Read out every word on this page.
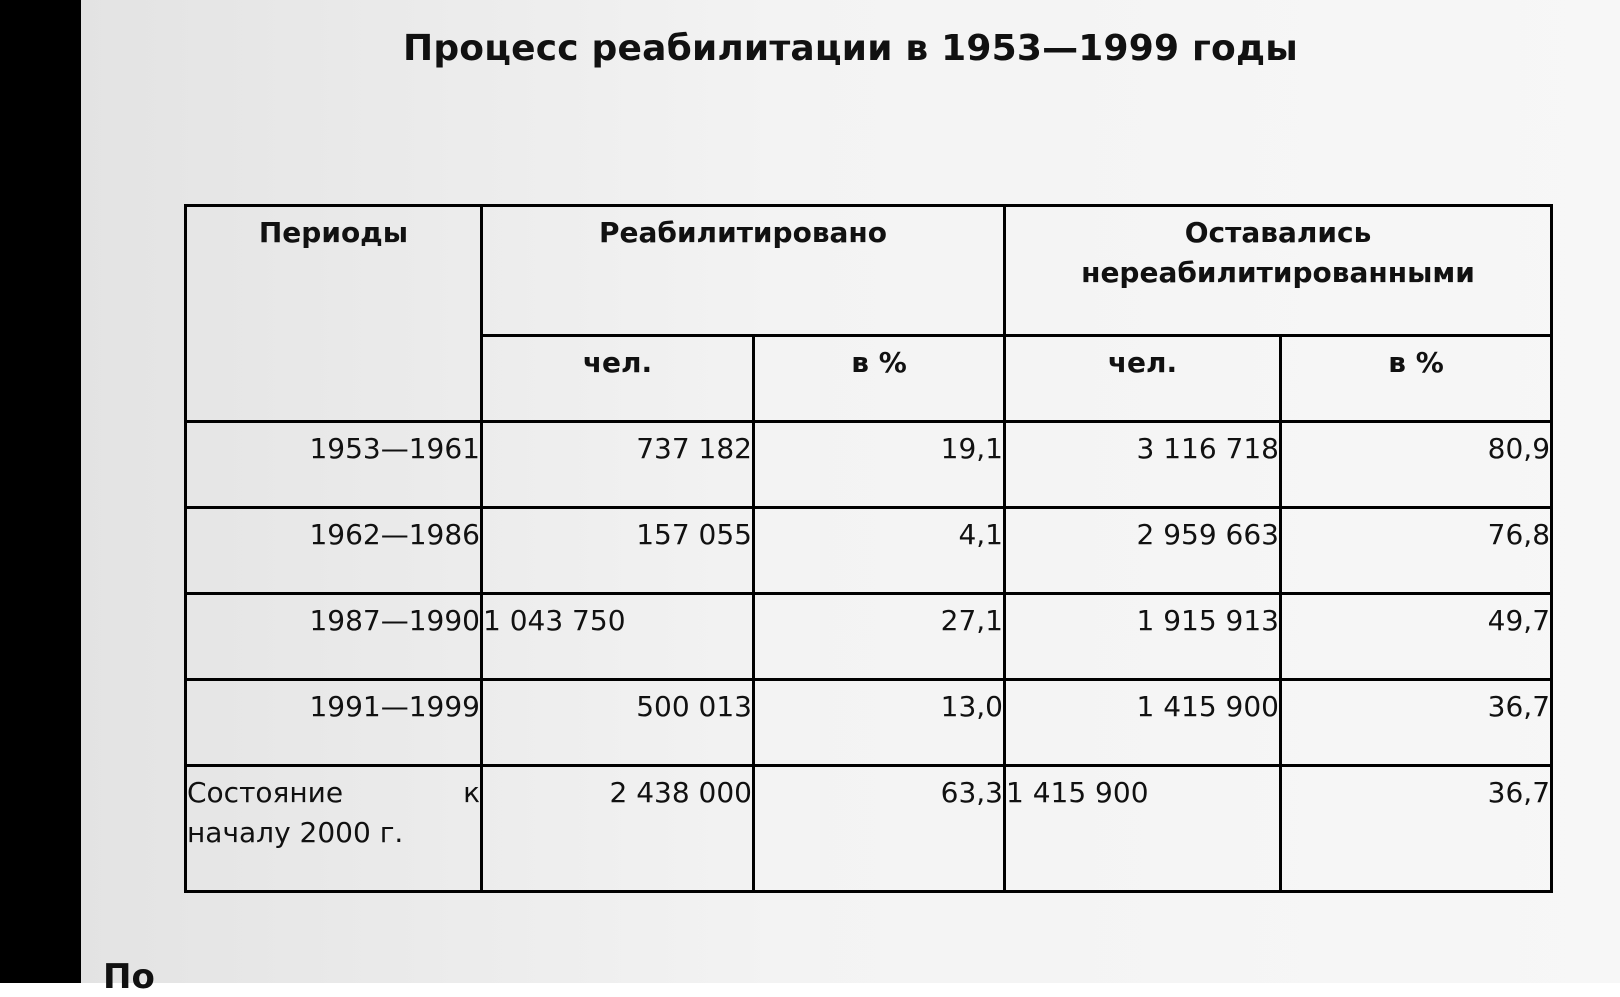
Процесс реабилитации в 1953—1999 годы
Периоды	Реабилитировано		Оставались
нереабилитированными	

	чел.	в %	чел.	в %
1953—1961	737 182	19,1	3 116 718	80,9
1962—1986	157 055	4,1	2 959 663	76,8
1987—1990	1 043 750	27,1	1 915 913	49,7
1991—1999	500 013	13,0	1 415 900	36,7
Состояние к началу 2000 г.	2 438 000	63,3	1 415 900	36,7
По
